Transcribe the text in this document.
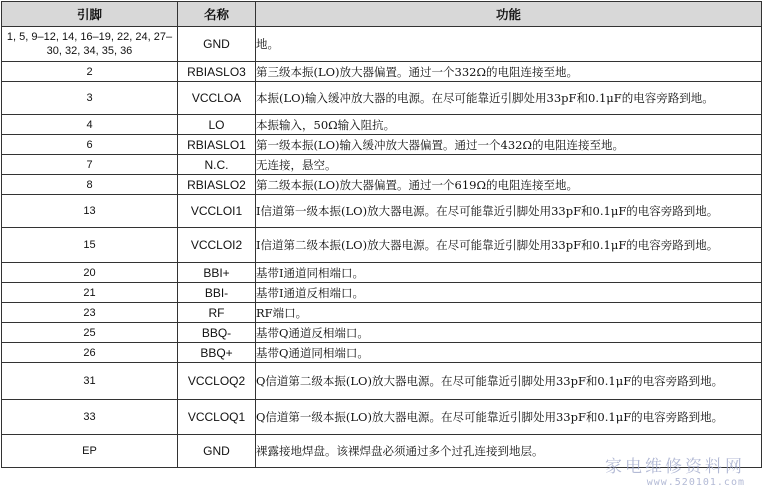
引脚	名称	功能
1, 5, 9–12, 14, 16–19, 22, 24, 27–30, 32, 34, 35, 36	GND	地。
2	RBIASLO3	第三级本振(LO)放大器偏置。通过一个332Ω的电阻连接至地。
3	VCCLOA	本振(LO)输入缓冲放大器的电源。在尽可能靠近引脚处用33pF和0.1μF的电容旁路到地。
4	LO	本振输入，50Ω输入阻抗。
6	RBIASLO1	第一级本振(LO)输入缓冲放大器偏置。通过一个432Ω的电阻连接至地。
7	N.C.	无连接，悬空。
8	RBIASLO2	第二级本振(LO)放大器偏置。通过一个619Ω的电阻连接至地。
13	VCCLOI1	I信道第一级本振(LO)放大器电源。在尽可能靠近引脚处用33pF和0.1μF的电容旁路到地。
15	VCCLOI2	I信道第二级本振(LO)放大器电源。在尽可能靠近引脚处用33pF和0.1μF的电容旁路到地。
20	BBI+	基带I通道同相端口。
21	BBI-	基带I通道反相端口。
23	RF	RF端口。
25	BBQ-	基带Q通道反相端口。
26	BBQ+	基带Q通道同相端口。
31	VCCLOQ2	Q信道第二级本振(LO)放大器电源。在尽可能靠近引脚处用33pF和0.1μF的电容旁路到地。
33	VCCLOQ1	Q信道第一级本振(LO)放大器电源。在尽可能靠近引脚处用33pF和0.1μF的电容旁路到地。
EP	GND	裸露接地焊盘。该裸焊盘必须通过多个过孔连接到地层。
家电维修资料网
www.520101.com
